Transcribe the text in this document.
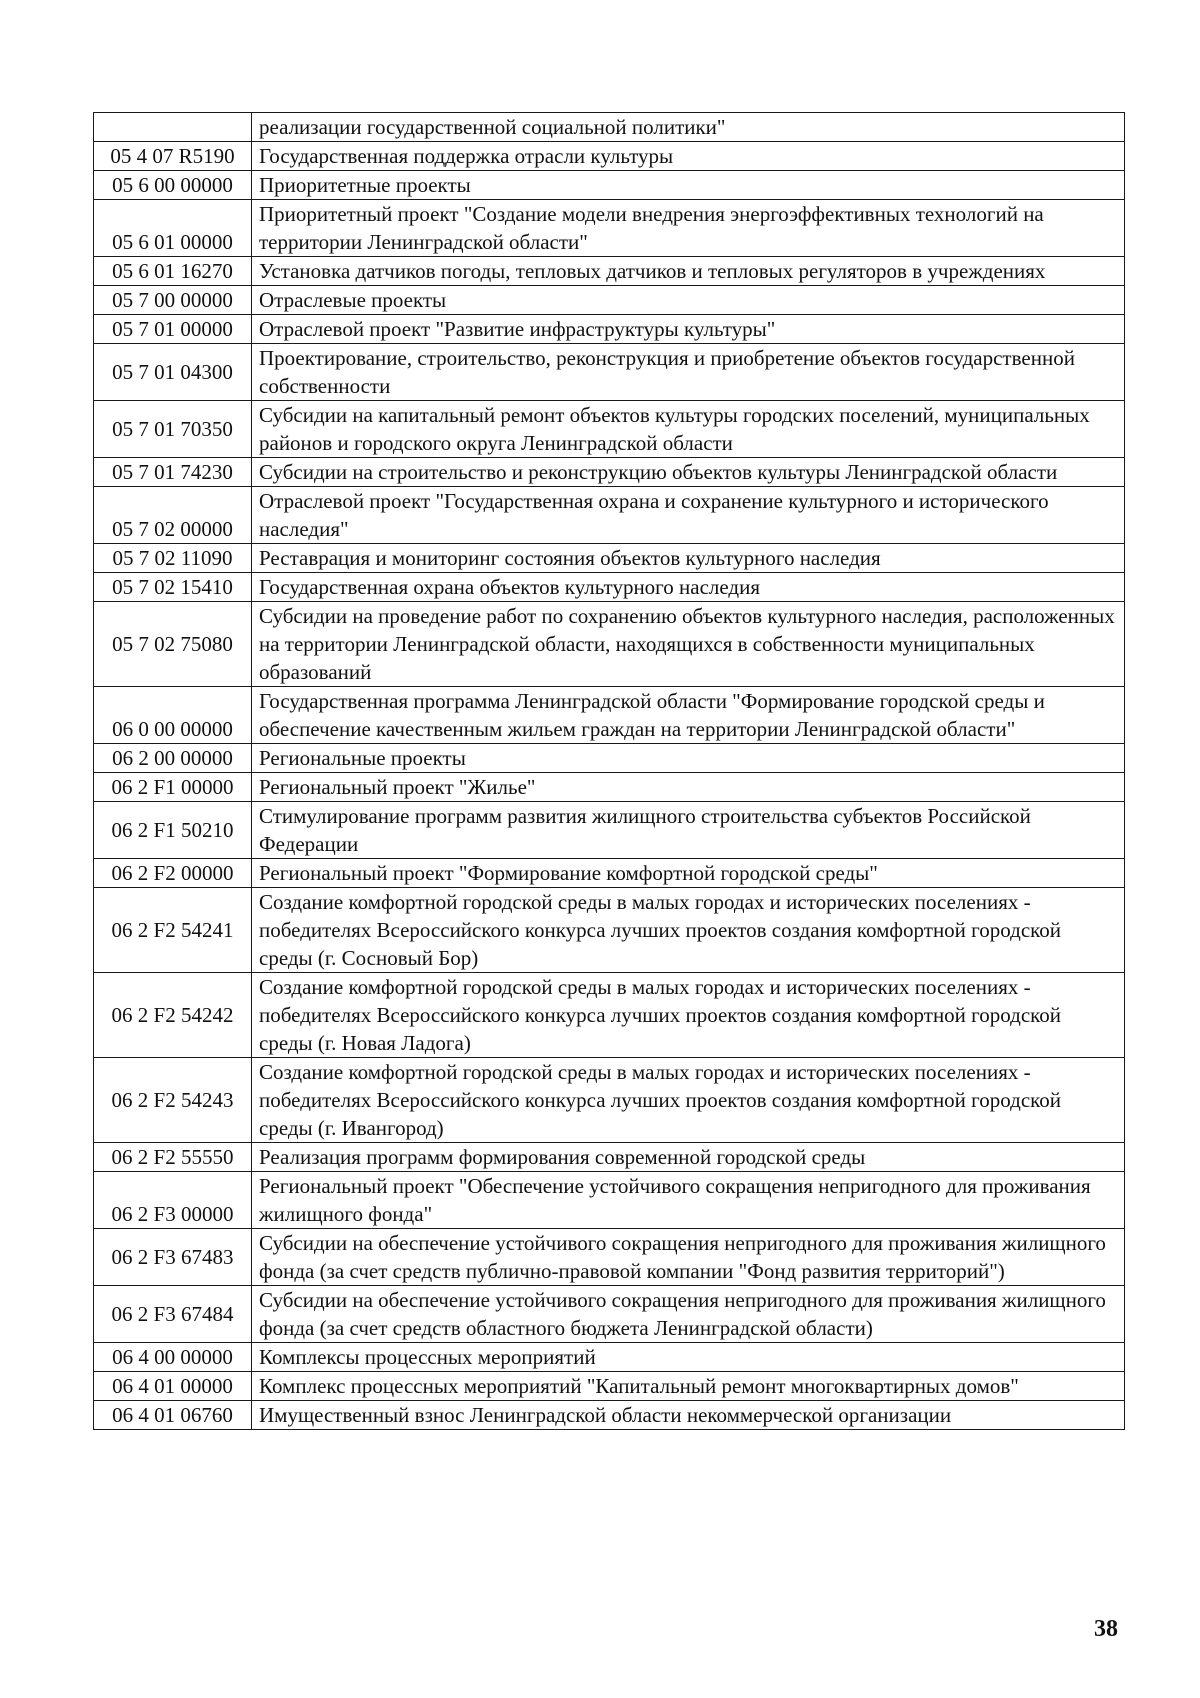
	реализации государственной социальной политики"
05 4 07 R5190	Государственная поддержка отрасли культуры
05 6 00 00000	Приоритетные проекты
05 6 01 00000	Приоритетный проект "Создание модели внедрения энергоэффективных технологий на территории Ленинградской области"
05 6 01 16270	Установка датчиков погоды, тепловых датчиков и тепловых регуляторов в учреждениях
05 7 00 00000	Отраслевые проекты
05 7 01 00000	Отраслевой проект "Развитие инфраструктуры культуры"
05 7 01 04300	Проектирование, строительство, реконструкция и приобретение объектов государственной собственности
05 7 01 70350	Субсидии на капитальный ремонт объектов культуры городских поселений, муниципальных районов и городского округа Ленинградской области
05 7 01 74230	Субсидии на строительство и реконструкцию объектов культуры Ленинградской области
05 7 02 00000	Отраслевой проект "Государственная охрана и сохранение культурного и исторического наследия"
05 7 02 11090	Реставрация и мониторинг состояния объектов культурного наследия
05 7 02 15410	Государственная охрана объектов культурного наследия
05 7 02 75080	Субсидии на проведение работ по сохранению объектов культурного наследия, расположенных на территории Ленинградской области, находящихся в собственности муниципальных образований
06 0 00 00000	Государственная программа Ленинградской области "Формирование городской среды и обеспечение качественным жильем граждан на территории Ленинградской области"
06 2 00 00000	Региональные проекты
06 2 F1 00000	Региональный проект "Жилье"
06 2 F1 50210	Стимулирование программ развития жилищного строительства субъектов Российской Федерации
06 2 F2 00000	Региональный проект "Формирование комфортной городской среды"
06 2 F2 54241	Создание комфортной городской среды в малых городах и исторических поселениях - победителях Всероссийского конкурса лучших проектов создания комфортной городской среды (г. Сосновый Бор)
06 2 F2 54242	Создание комфортной городской среды в малых городах и исторических поселениях - победителях Всероссийского конкурса лучших проектов создания комфортной городской среды (г. Новая Ладога)
06 2 F2 54243	Создание комфортной городской среды в малых городах и исторических поселениях - победителях Всероссийского конкурса лучших проектов создания комфортной городской среды (г. Ивангород)
06 2 F2 55550	Реализация программ формирования современной городской среды
06 2 F3 00000	Региональный проект "Обеспечение устойчивого сокращения непригодного для проживания жилищного фонда"
06 2 F3 67483	Субсидии на обеспечение устойчивого сокращения непригодного для проживания жилищного фонда (за счет средств публично-правовой компании "Фонд развития территорий")
06 2 F3 67484	Субсидии на обеспечение устойчивого сокращения непригодного для проживания жилищного фонда (за счет средств областного бюджета Ленинградской области)
06 4 00 00000	Комплексы процессных мероприятий
06 4 01 00000	Комплекс процессных мероприятий "Капитальный ремонт многоквартирных домов"
06 4 01 06760	Имущественный взнос Ленинградской области некоммерческой организации
38
